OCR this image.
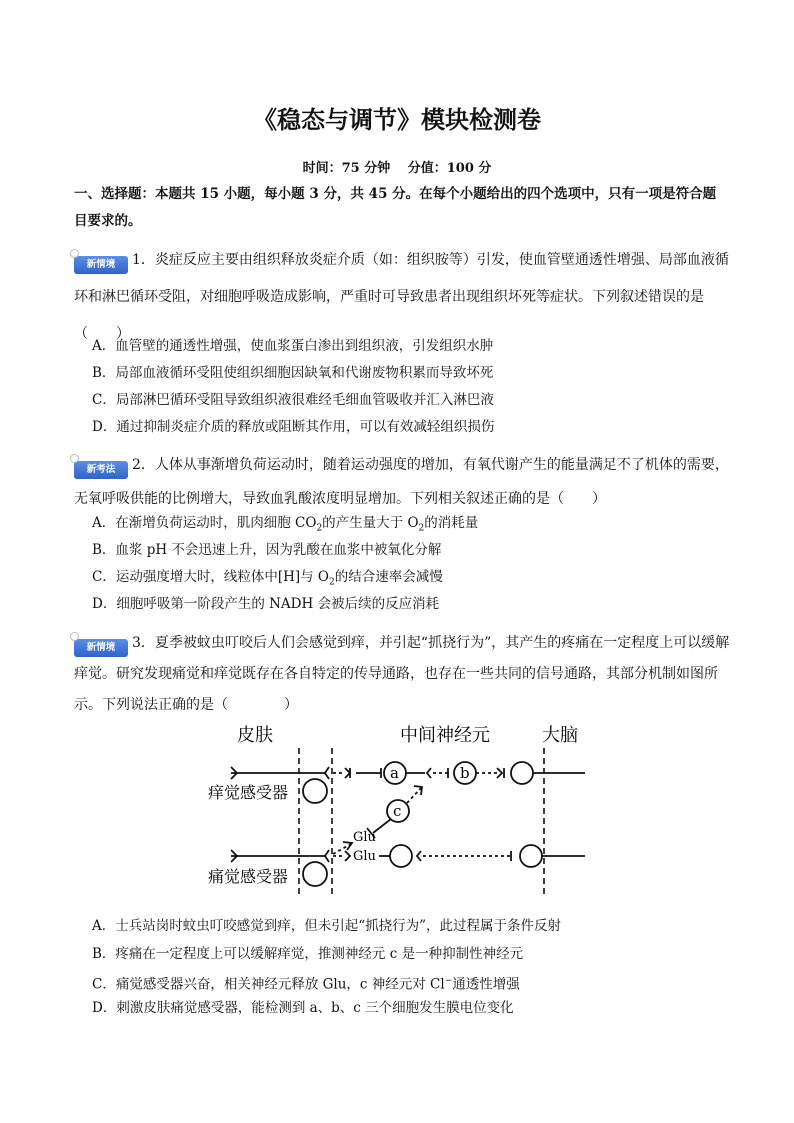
《稳态与调节》模块检测卷
时间：75 分钟　 分值：100 分
一、选择题：本题共 15 小题，每小题 3 分，共 45 分。在每个小题给出的四个选项中，只有一项是符合题目要求的。
新情境 1．炎症反应主要由组织释放炎症介质（如：组织胺等）引发，使血管壁通透性增强、局部血液循环和淋巴循环受阻，对细胞呼吸造成影响，严重时可导致患者出现组织坏死等症状。下列叙述错误的是（　　）
A．血管壁的通透性增强，使血浆蛋白渗出到组织液，引发组织水肿
B．局部血液循环受阻使组织细胞因缺氧和代谢废物积累而导致坏死
C．局部淋巴循环受阻导致组织液很难经毛细血管吸收并汇入淋巴液
D．通过抑制炎症介质的释放或阻断其作用，可以有效减轻组织损伤
新考法 2．人体从事渐增负荷运动时，随着运动强度的增加，有氧代谢产生的能量满足不了机体的需要，无氧呼吸供能的比例增大，导致血乳酸浓度明显增加。下列相关叙述正确的是（　　）
A．在渐增负荷运动时，肌肉细胞 $CO_2$的产生量大于 $O_2$的消耗量
B．血浆 pH 不会迅速上升，因为乳酸在血浆中被氧化分解
C．运动强度增大时，线粒体中[H]与 $O_2$的结合速率会减慢
D．细胞呼吸第一阶段产生的 NADH 会被后续的反应消耗
新情境 3．夏季被蚊虫叮咬后人们会感觉到痒，并引起“抓挠行为”，其产生的疼痛在一定程度上可以缓解痒觉。研究发现痛觉和痒觉既存在各自特定的传导通路，也存在一些共同的信号通路，其部分机制如图所示。下列说法正确的是（　　　　）
皮肤	中间神经元	大脑
痒觉感受器
痛觉感受器
a	b
c
Glu
Glu
A．士兵站岗时蚊虫叮咬感觉到痒，但未引起“抓挠行为”，此过程属于条件反射
B．疼痛在一定程度上可以缓解痒觉，推测神经元 c 是一种抑制性神经元
C．痛觉感受器兴奋，相关神经元释放 Glu，c 神经元对 Cl−通透性增强
D．刺激皮肤痛觉感受器，能检测到 a、b、c 三个细胞发生膜电位变化
